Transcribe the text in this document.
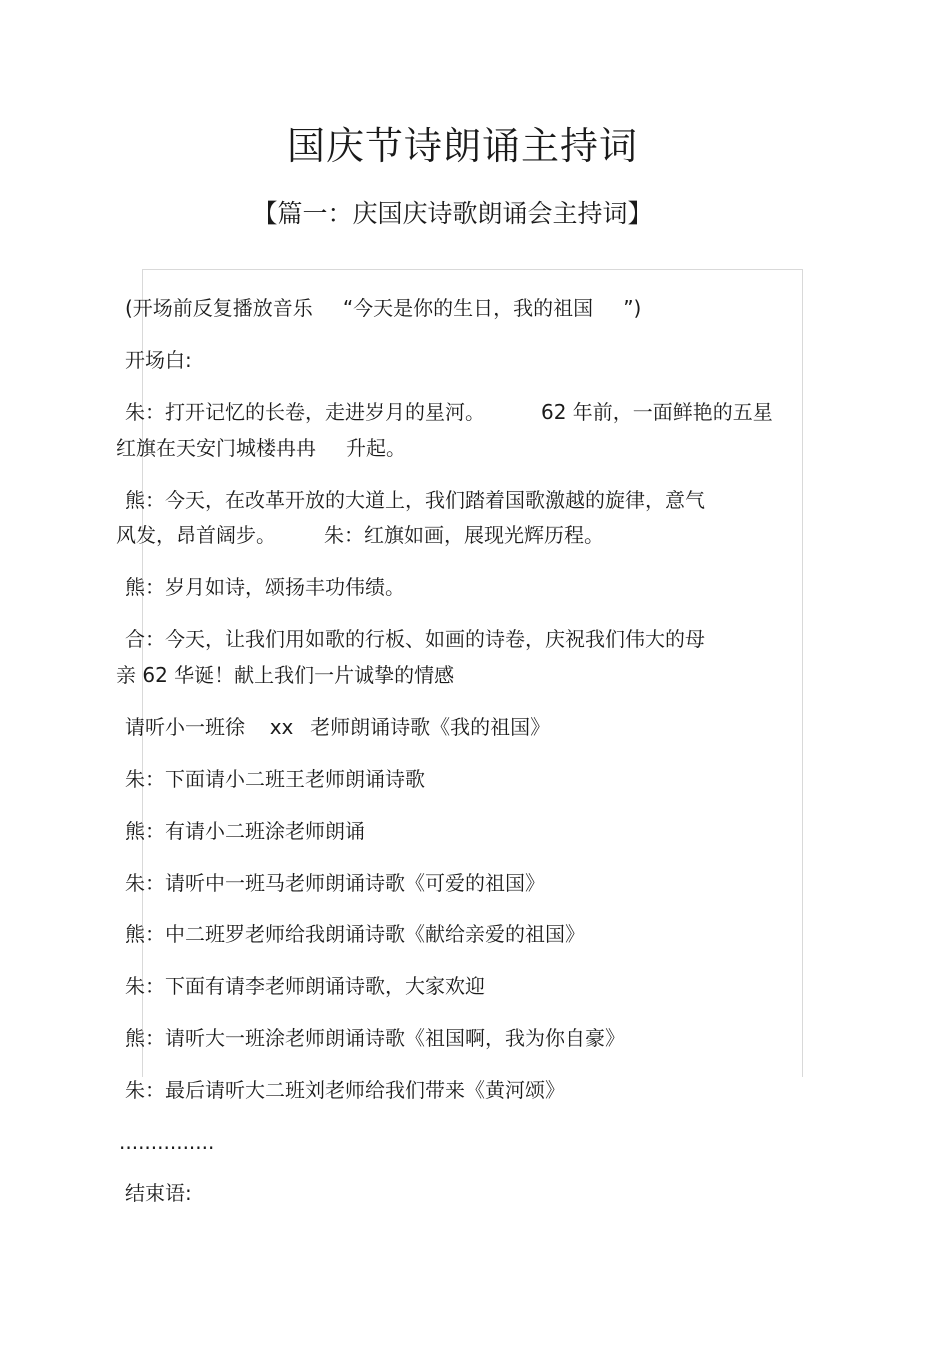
国庆节诗朗诵主持词
【篇一：庆国庆诗歌朗诵会主持词】
(开场前反复播放音乐 “今天是你的生日，我的祖国 ”)
开场白:
朱：打开记忆的长卷，走进岁月的星河。	62 年前，一面鲜艳的五星
红旗在天安门城楼冉冉 升起。
熊：今天，在改革开放的大道上，我们踏着国歌激越的旋律，意气
风发，昂首阔步。 朱：红旗如画，展现光辉历程。
熊：岁月如诗，颂扬丰功伟绩。
合：今天，让我们用如歌的行板、如画的诗卷，庆祝我们伟大的母
亲 62 华诞！献上我们一片诚挚的情感
请听小一班徐 xx 老师朗诵诗歌《我的祖国》
朱：下面请小二班王老师朗诵诗歌
熊：有请小二班涂老师朗诵
朱：请听中一班马老师朗诵诗歌《可爱的祖国》
熊：中二班罗老师给我朗诵诗歌《献给亲爱的祖国》
朱：下面有请李老师朗诵诗歌，大家欢迎
熊：请听大一班涂老师朗诵诗歌《祖国啊，我为你自豪》
朱：最后请听大二班刘老师给我们带来《黄河颂》
...............
结束语:
